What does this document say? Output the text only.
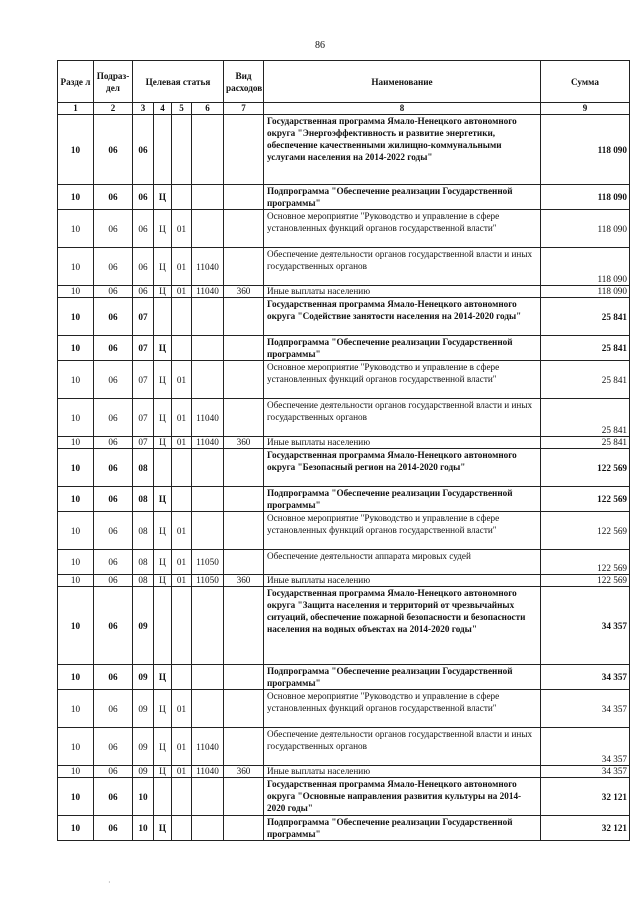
86
Разде л	Подраз- дел	Целевая статья				Вид расходов	Наименование	Сумма
1	2	3	4	5	6	7	8	9
10	06	06					Государственная программа Ямало-Ненецкого автономного округа "Энергоэффективность и развитие энергетики, обеспечение качественными жилищно-коммунальными услугами населения на 2014-2022 годы"	118 090
10	06	06	Ц				Подпрограмма "Обеспечение реализации Государственной программы"	118 090
10	06	06	Ц	01			Основное мероприятие "Руководство и управление в сфере установленных функций органов государственной власти"	118 090
10	06	06	Ц	01	11040		Обеспечение деятельности органов государственной власти и иных государственных органов	118 090
10	06	06	Ц	01	11040	360	Иные выплаты населению	118 090
10	06	07					Государственная программа Ямало-Ненецкого автономного округа "Содействие занятости населения на 2014-2020 годы"	25 841
10	06	07	Ц				Подпрограмма "Обеспечение реализации Государственной программы"	25 841
10	06	07	Ц	01			Основное мероприятие "Руководство и управление в сфере установленных функций органов государственной власти"	25 841
10	06	07	Ц	01	11040		Обеспечение деятельности органов государственной власти и иных государственных органов	25 841
10	06	07	Ц	01	11040	360	Иные выплаты населению	25 841
10	06	08					Государственная программа Ямало-Ненецкого автономного округа "Безопасный регион на 2014-2020 годы"	122 569
10	06	08	Ц				Подпрограмма "Обеспечение реализации Государственной программы"	122 569
10	06	08	Ц	01			Основное мероприятие "Руководство и управление в сфере установленных функций органов государственной власти"	122 569
10	06	08	Ц	01	11050		Обеспечение деятельности аппарата мировых судей	122 569
10	06	08	Ц	01	11050	360	Иные выплаты населению	122 569
10	06	09					Государственная программа Ямало-Ненецкого автономного округа "Защита населения и территорий от чрезвычайных ситуаций, обеспечение пожарной безопасности и безопасности населения на водных объектах на 2014-2020 годы"	34 357
10	06	09	Ц				Подпрограмма "Обеспечение реализации Государственной программы"	34 357
10	06	09	Ц	01			Основное мероприятие "Руководство и управление в сфере установленных функций органов государственной власти"	34 357
10	06	09	Ц	01	11040		Обеспечение деятельности органов государственной власти и иных государственных органов	34 357
10	06	09	Ц	01	11040	360	Иные выплаты населению	34 357
10	06	10					Государственная программа Ямало-Ненецкого автономного округа "Основные направления развития культуры на 2014-2020 годы"	32 121
10	06	10	Ц				Подпрограмма "Обеспечение реализации Государственной программы"	32 121
·
